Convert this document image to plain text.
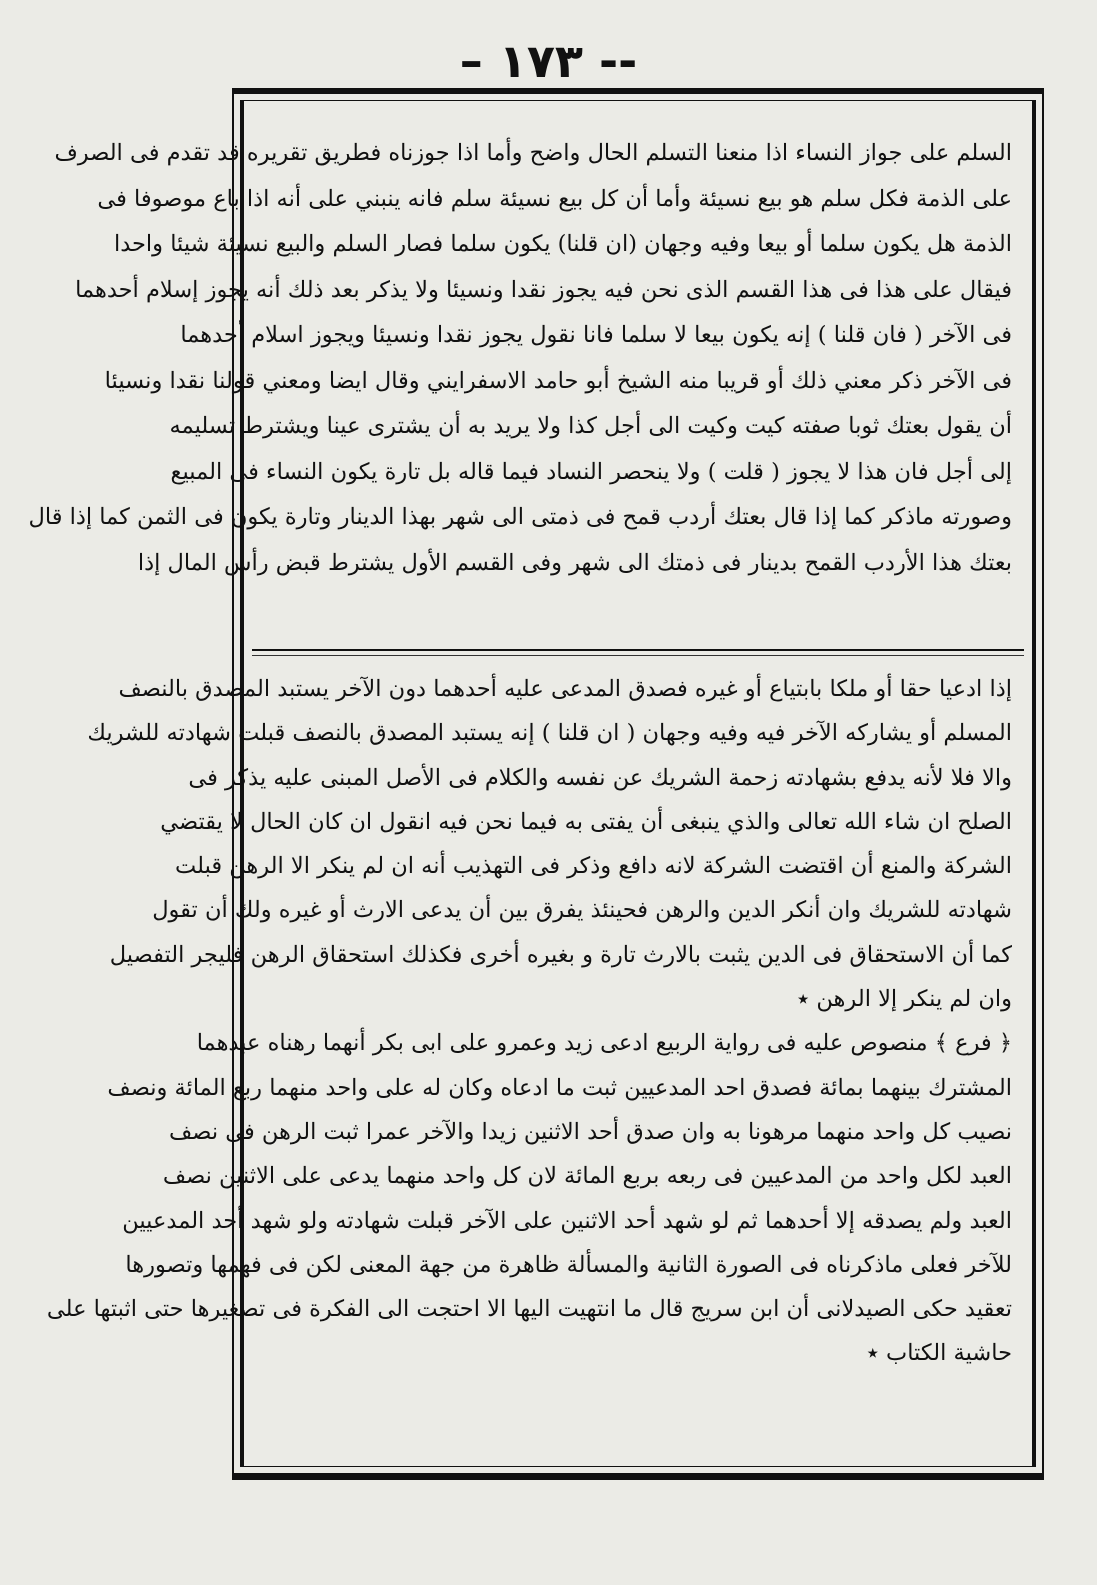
– ١٧٣ --
السلم على جواز النساء اذا منعنا التسلم الحال واضح وأما اذا جوزناه فطريق تقريره قد تقدم فى الصرف
على الذمة فكل سلم هو بيع نسيئة وأما أن كل بيع نسيئة سلم فانه ينبني على أنه اذا باع موصوفا فى
الذمة هل يكون سلما أو بيعا وفيه وجهان (ان قلنا) يكون سلما فصار السلم والبيع نسيئة شيئا واحدا
فيقال على هذا فى هذا القسم الذى نحن فيه يجوز نقدا ونسيئا ولا يذكر بعد ذلك أنه يجوز إسلام أحدهما
فى الآخر ( فان قلنا ) إنه يكون بيعا لا سلما فانا نقول يجوز نقدا ونسيئا ويجوز اسلام أحدهما
فى الآخر ذكر معني ذلك أو قريبا منه الشيخ أبو حامد الاسفرايني وقال ايضا ومعني قولنا نقدا ونسيئا
أن يقول بعتك ثوبا صفته كيت وكيت الى أجل كذا ولا يريد به أن يشترى عينا ويشترط تسليمه
إلى أجل فان هذا لا يجوز ( قلت ) ولا ينحصر النساد فيما قاله بل تارة يكون النساء فى المبيع
وصورته ماذكر كما إذا قال بعتك أردب قمح فى ذمتى الى شهر بهذا الدينار وتارة يكون فى الثمن كما إذا قال
بعتك هذا الأردب القمح بدينار فى ذمتك الى شهر وفى القسم الأول يشترط قبض رأس المال إذا
إذا ادعيا حقا أو ملكا بابتياع أو غيره فصدق المدعى عليه أحدهما دون الآخر يستبد المصدق بالنصف
المسلم أو يشاركه الآخر فيه وفيه وجهان ( ان قلنا ) إنه يستبد المصدق بالنصف قبلت شهادته للشريك
والا فلا لأنه يدفع بشهادته زحمة الشريك عن نفسه والكلام فى الأصل المبنى عليه يذكر فى
الصلح ان شاء الله تعالى والذي ينبغى أن يفتى به فيما نحن فيه انقول ان كان الحال لا يقتضي
الشركة والمنع أن اقتضت الشركة لانه دافع وذكر فى التهذيب أنه ان لم ينكر الا الرهن قبلت
شهادته للشريك وان أنكر الدين والرهن فحينئذ يفرق بين أن يدعى الارث أو غيره ولك أن تقول
كما أن الاستحقاق فى الدين يثبت بالارث تارة و بغيره أخرى فكذلك استحقاق الرهن فليجر التفصيل
وان لم ينكر إلا الرهن ٭
﴿ فرع ﴾ منصوص عليه فى رواية الربيع ادعى زيد وعمرو على ابى بكر أنهما رهناه عبدهما
المشترك بينهما بمائة فصدق احد المدعيين ثبت ما ادعاه وكان له على واحد منهما ربع المائة ونصف
نصيب كل واحد منهما مرهونا به وان صدق أحد الاثنين زيدا والآخر عمرا ثبت الرهن فى نصف
العبد لكل واحد من المدعيين فى ربعه بربع المائة لان كل واحد منهما يدعى على الاثنين نصف
العبد ولم يصدقه إلا أحدهما ثم لو شهد أحد الاثنين على الآخر قبلت شهادته ولو شهد أحد المدعيين
للآخر فعلى ماذكرناه فى الصورة الثانية والمسألة ظاهرة من جهة المعنى لكن فى فهمها وتصورها
تعقيد حكى الصيدلانى أن ابن سريج قال ما انتهيت اليها الا احتجت الى الفكرة فى تصغيرها حتى اثبتها على
حاشية الكتاب ٭
